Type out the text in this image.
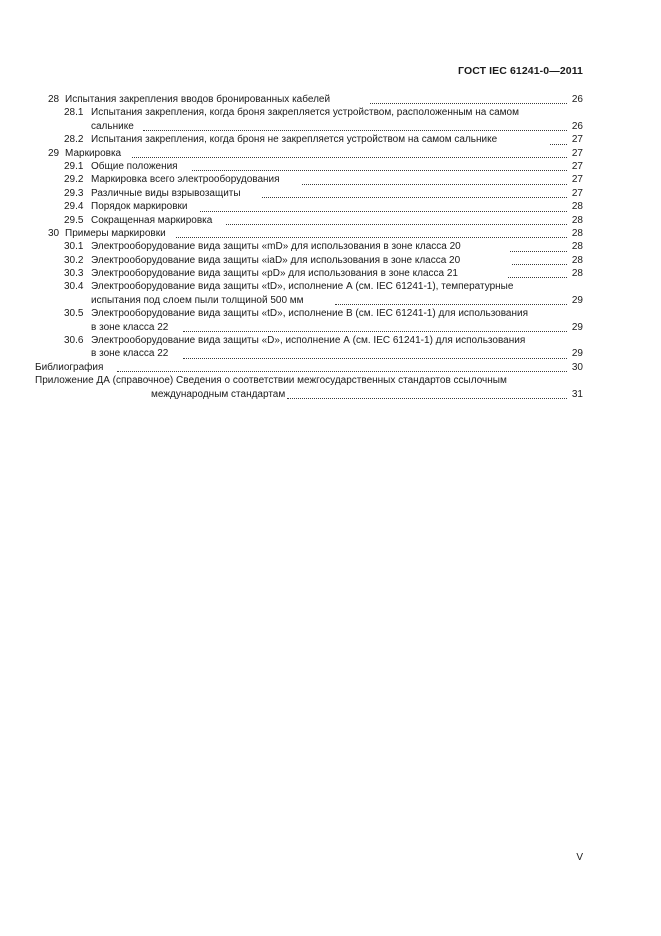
ГОСТ IEC 61241-0—2011
28 Испытания закрепления вводов бронированных кабелей	26
28.1 Испытания закрепления, когда броня закрепляется устройством, расположенным на самом
сальнике	26
28.2 Испытания закрепления, когда броня не закрепляется устройством на самом сальнике	27
29 Маркировка	27
29.1 Общие положения	27
29.2 Маркировка всего электрооборудования	27
29.3 Различные виды взрывозащиты	27
29.4 Порядок маркировки	28
29.5 Сокращенная маркировка	28
30 Примеры маркировки	28
30.1 Электрооборудование вида защиты «mD» для использования в зоне класса 20	28
30.2 Электрооборудование вида защиты «iaD» для использования в зоне класса 20	28
30.3 Электрооборудование вида защиты «pD» для использования в зоне класса 21	28
30.4 Электрооборудование вида защиты «tD», исполнение А (см. IEC 61241-1), температурные
испытания под слоем пыли толщиной 500 мм	29
30.5 Электрооборудование вида защиты «tD», исполнение В (см. IEC 61241-1) для использования
в зоне класса 22	29
30.6 Электрооборудование вида защиты «D», исполнение А (см. IEC 61241-1) для использования
в зоне класса 22	29
Библиография	30
Приложение ДА (справочное) Сведения о соответствии межгосударственных стандартов ссылочным
международным стандартам	31
V
